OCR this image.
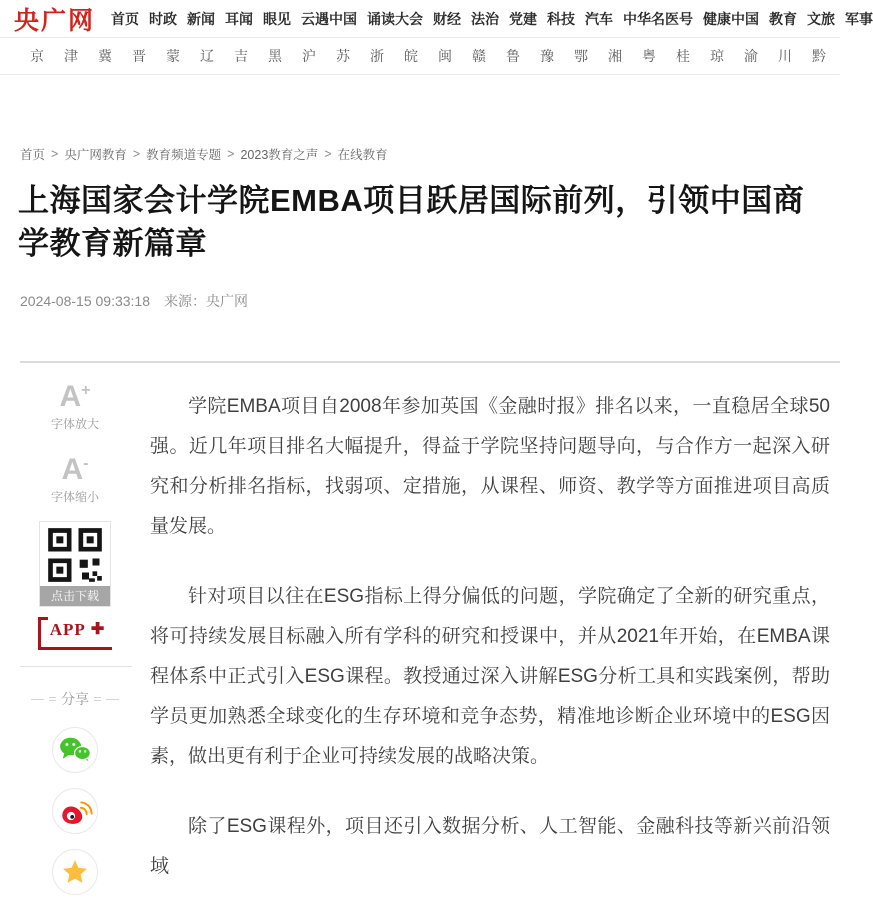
央广网 首页 时政 新闻 耳闻 眼见 云遇中国 诵读大会 财经 法治 党建 科技 汽车 中华名医号 健康中国 教育 文旅 军事
京 津 冀 晋 蒙 辽 吉 黑 沪 苏 浙 皖 闽 赣 鲁 豫 鄂 湘 粤 桂 琼 渝 川 黔
首页 > 央广网教育 > 教育频道专题 > 2023教育之声 > 在线教育
上海国家会计学院EMBA项目跃居国际前列，引领中国商学教育新篇章
2024-08-15 09:33:18 来源：央广网
A+
字体放大
A-
字体缩小
点击下载
APP ✚
分享

学院EMBA项目自2008年参加英国《金融时报》排名以来，一直稳居全球50强。近几年项目排名大幅提升，得益于学院坚持问题导向，与合作方一起深入研究和分析排名指标，找弱项、定措施，从课程、师资、教学等方面推进项目高质量发展。

针对项目以往在ESG指标上得分偏低的问题，学院确定了全新的研究重点，将可持续发展目标融入所有学科的研究和授课中，并从2021年开始，在EMBA课程体系中正式引入ESG课程。教授通过深入讲解ESG分析工具和实践案例，帮助学员更加熟悉全球变化的生存环境和竞争态势，精准地诊断企业环境中的ESG因素，做出更有利于企业可持续发展的战略决策。

除了ESG课程外，项目还引入数据分析、人工智能、金融科技等新兴前沿领域
